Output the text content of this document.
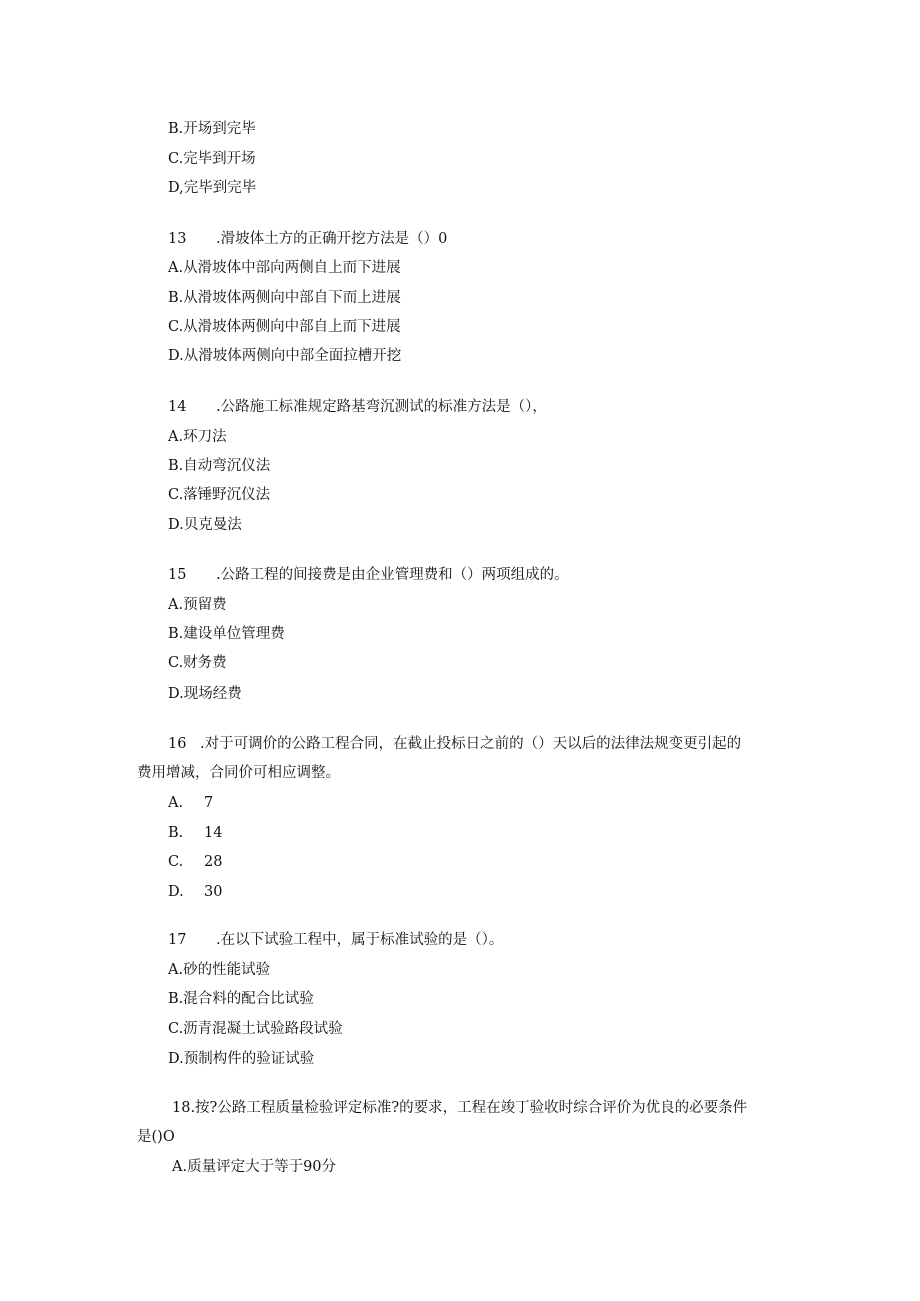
B.开场到完毕
C.完毕到开场
D,完毕到完毕
13 .滑坡体土方的正确开挖方法是（）0
A.从滑坡体中部向两侧自上而下进展
B.从滑坡体两侧向中部自下而上进展
C.从滑坡体两侧向中部自上而下进展
D.从滑坡体两侧向中部全面拉槽开挖
14 .公路施工标准规定路基弯沉测试的标准方法是（），
A.环刀法
B.自动弯沉仪法
C.落锤野沉仪法
D.贝克曼法
15 .公路工程的间接费是由企业管理费和（）两项组成的。
A.预留费
B.建设单位管理费
C.财务费
D.现场经费
16 .对于可调价的公路工程合同，在截止投标日之前的（）天以后的法律法规变更引起的
费用增减，合同价可相应调整。
A. 7
B. 14
C. 28
D. 30
17 .在以下试验工程中，属于标准试验的是（）。
A.砂的性能试验
B.混合料的配合比试验
C.沥青混凝土试验路段试验
D.预制构件的验证试验
18.按?公路工程质量检验评定标准?的要求，工程在竣丁验收时综合评价为优良的必要条件
是()O
A.质量评定大于等于90分
